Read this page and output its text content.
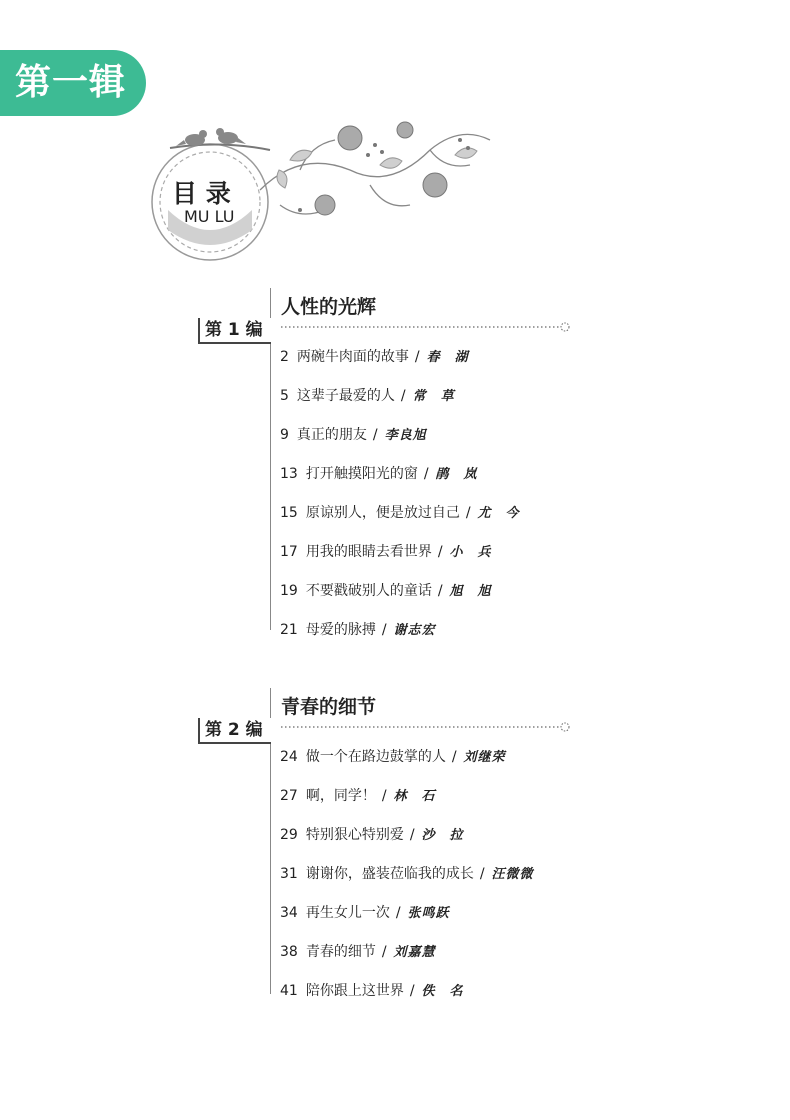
第一辑
目 录
MU LU
人性的光辉
第 1 编
2 两碗牛肉面的故事 / 春　湖
5 这辈子最爱的人 / 常　草
9 真正的朋友 / 李良旭
13 打开触摸阳光的窗 / 鹃　岚
15 原谅别人，便是放过自己 / 尤　今
17 用我的眼睛去看世界 / 小　兵
19 不要戳破别人的童话 / 旭　旭
21 母爱的脉搏 / 谢志宏
青春的细节
第 2 编
24 做一个在路边鼓掌的人 / 刘继荣
27 啊，同学！ / 林　石
29 特别狠心特别爱 / 沙　拉
31 谢谢你，盛装莅临我的成长 / 汪微微
34 再生女儿一次 / 张鸣跃
38 青春的细节 / 刘嘉慧
41 陪你跟上这世界 / 佚　名
